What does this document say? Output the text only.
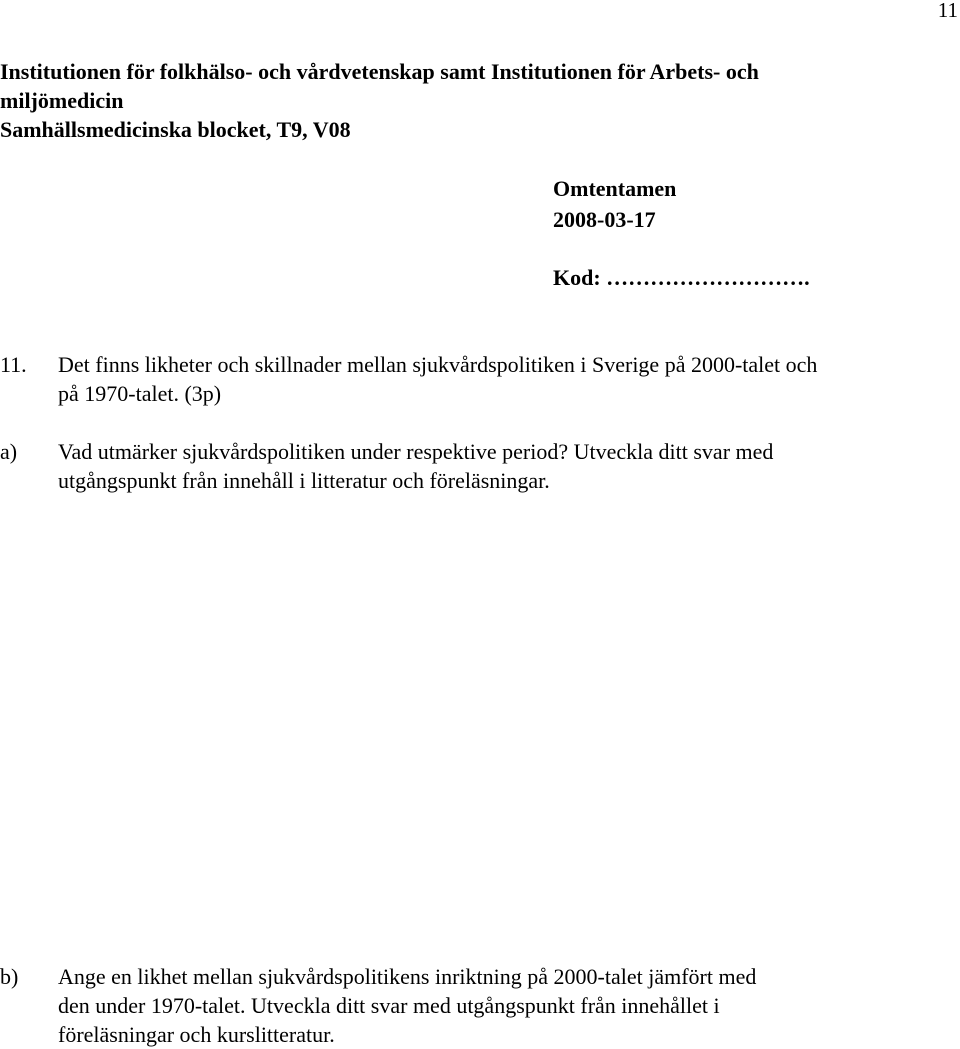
11
Institutionen för folkhälso- och vårdvetenskap samt Institutionen för Arbets- och
miljömedicin
Samhällsmedicinska blocket, T9, V08
Omtentamen
2008-03-17
Kod: ……………………….
11. Det finns likheter och skillnader mellan sjukvårdspolitiken i Sverige på 2000-talet och
på 1970-talet. (3p)
a) Vad utmärker sjukvårdspolitiken under respektive period? Utveckla ditt svar med
utgångspunkt från innehåll i litteratur och föreläsningar.
b) Ange en likhet mellan sjukvårdspolitikens inriktning på 2000-talet jämfört med
den under 1970-talet. Utveckla ditt svar med utgångspunkt från innehållet i
föreläsningar och kurslitteratur.
